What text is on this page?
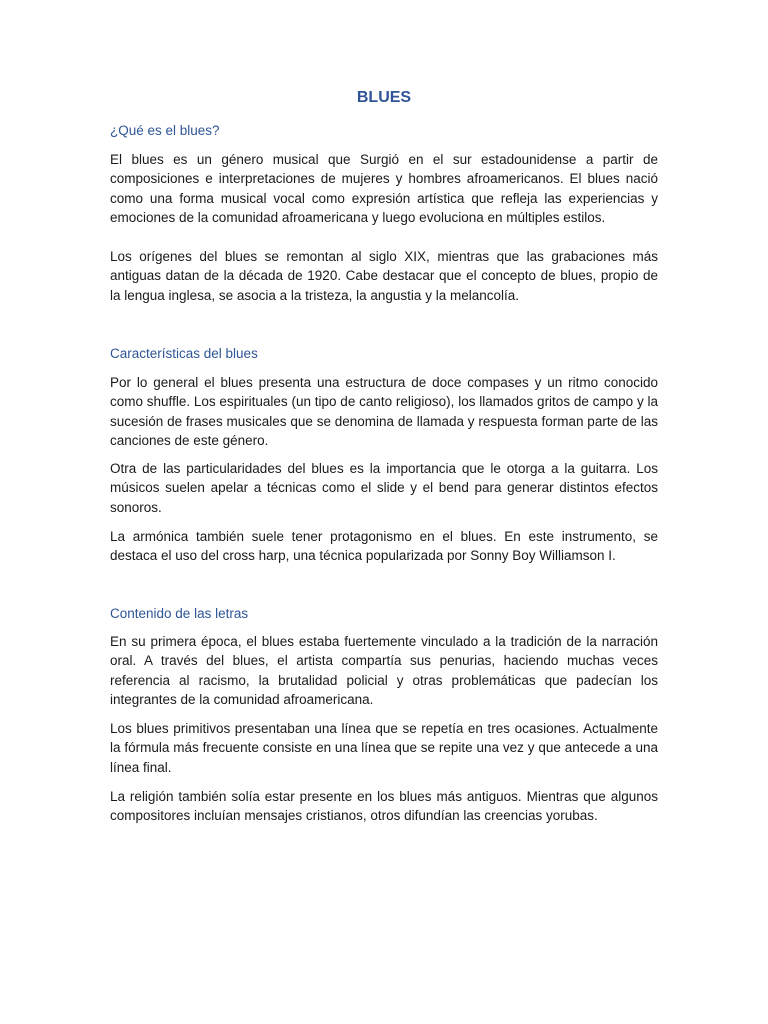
BLUES
¿Qué es el blues?

El blues es un género musical que Surgió en el sur estadounidense a partir de composiciones e interpretaciones de mujeres y hombres afroamericanos. El blues nació como una forma musical vocal como expresión artística que refleja las experiencias y emociones de la comunidad afroamericana y luego evoluciona en múltiples estilos.

Los orígenes del blues se remontan al siglo XIX, mientras que las grabaciones más antiguas datan de la década de 1920. Cabe destacar que el concepto de blues, propio de la lengua inglesa, se asocia a la tristeza, la angustia y la melancolía.

Características del blues

Por lo general el blues presenta una estructura de doce compases y un ritmo conocido como shuffle. Los espirituales (un tipo de canto religioso), los llamados gritos de campo y la sucesión de frases musicales que se denomina de llamada y respuesta forman parte de las canciones de este género.

Otra de las particularidades del blues es la importancia que le otorga a la guitarra. Los músicos suelen apelar a técnicas como el slide y el bend para generar distintos efectos sonoros.

La armónica también suele tener protagonismo en el blues. En este instrumento, se destaca el uso del cross harp, una técnica popularizada por Sonny Boy Williamson I.

Contenido de las letras

En su primera época, el blues estaba fuertemente vinculado a la tradición de la narración oral. A través del blues, el artista compartía sus penurias, haciendo muchas veces referencia al racismo, la brutalidad policial y otras problemáticas que padecían los integrantes de la comunidad afroamericana.

Los blues primitivos presentaban una línea que se repetía en tres ocasiones. Actualmente la fórmula más frecuente consiste en una línea que se repite una vez y que antecede a una línea final.

La religión también solía estar presente en los blues más antiguos. Mientras que algunos compositores incluían mensajes cristianos, otros difundían las creencias yorubas.
